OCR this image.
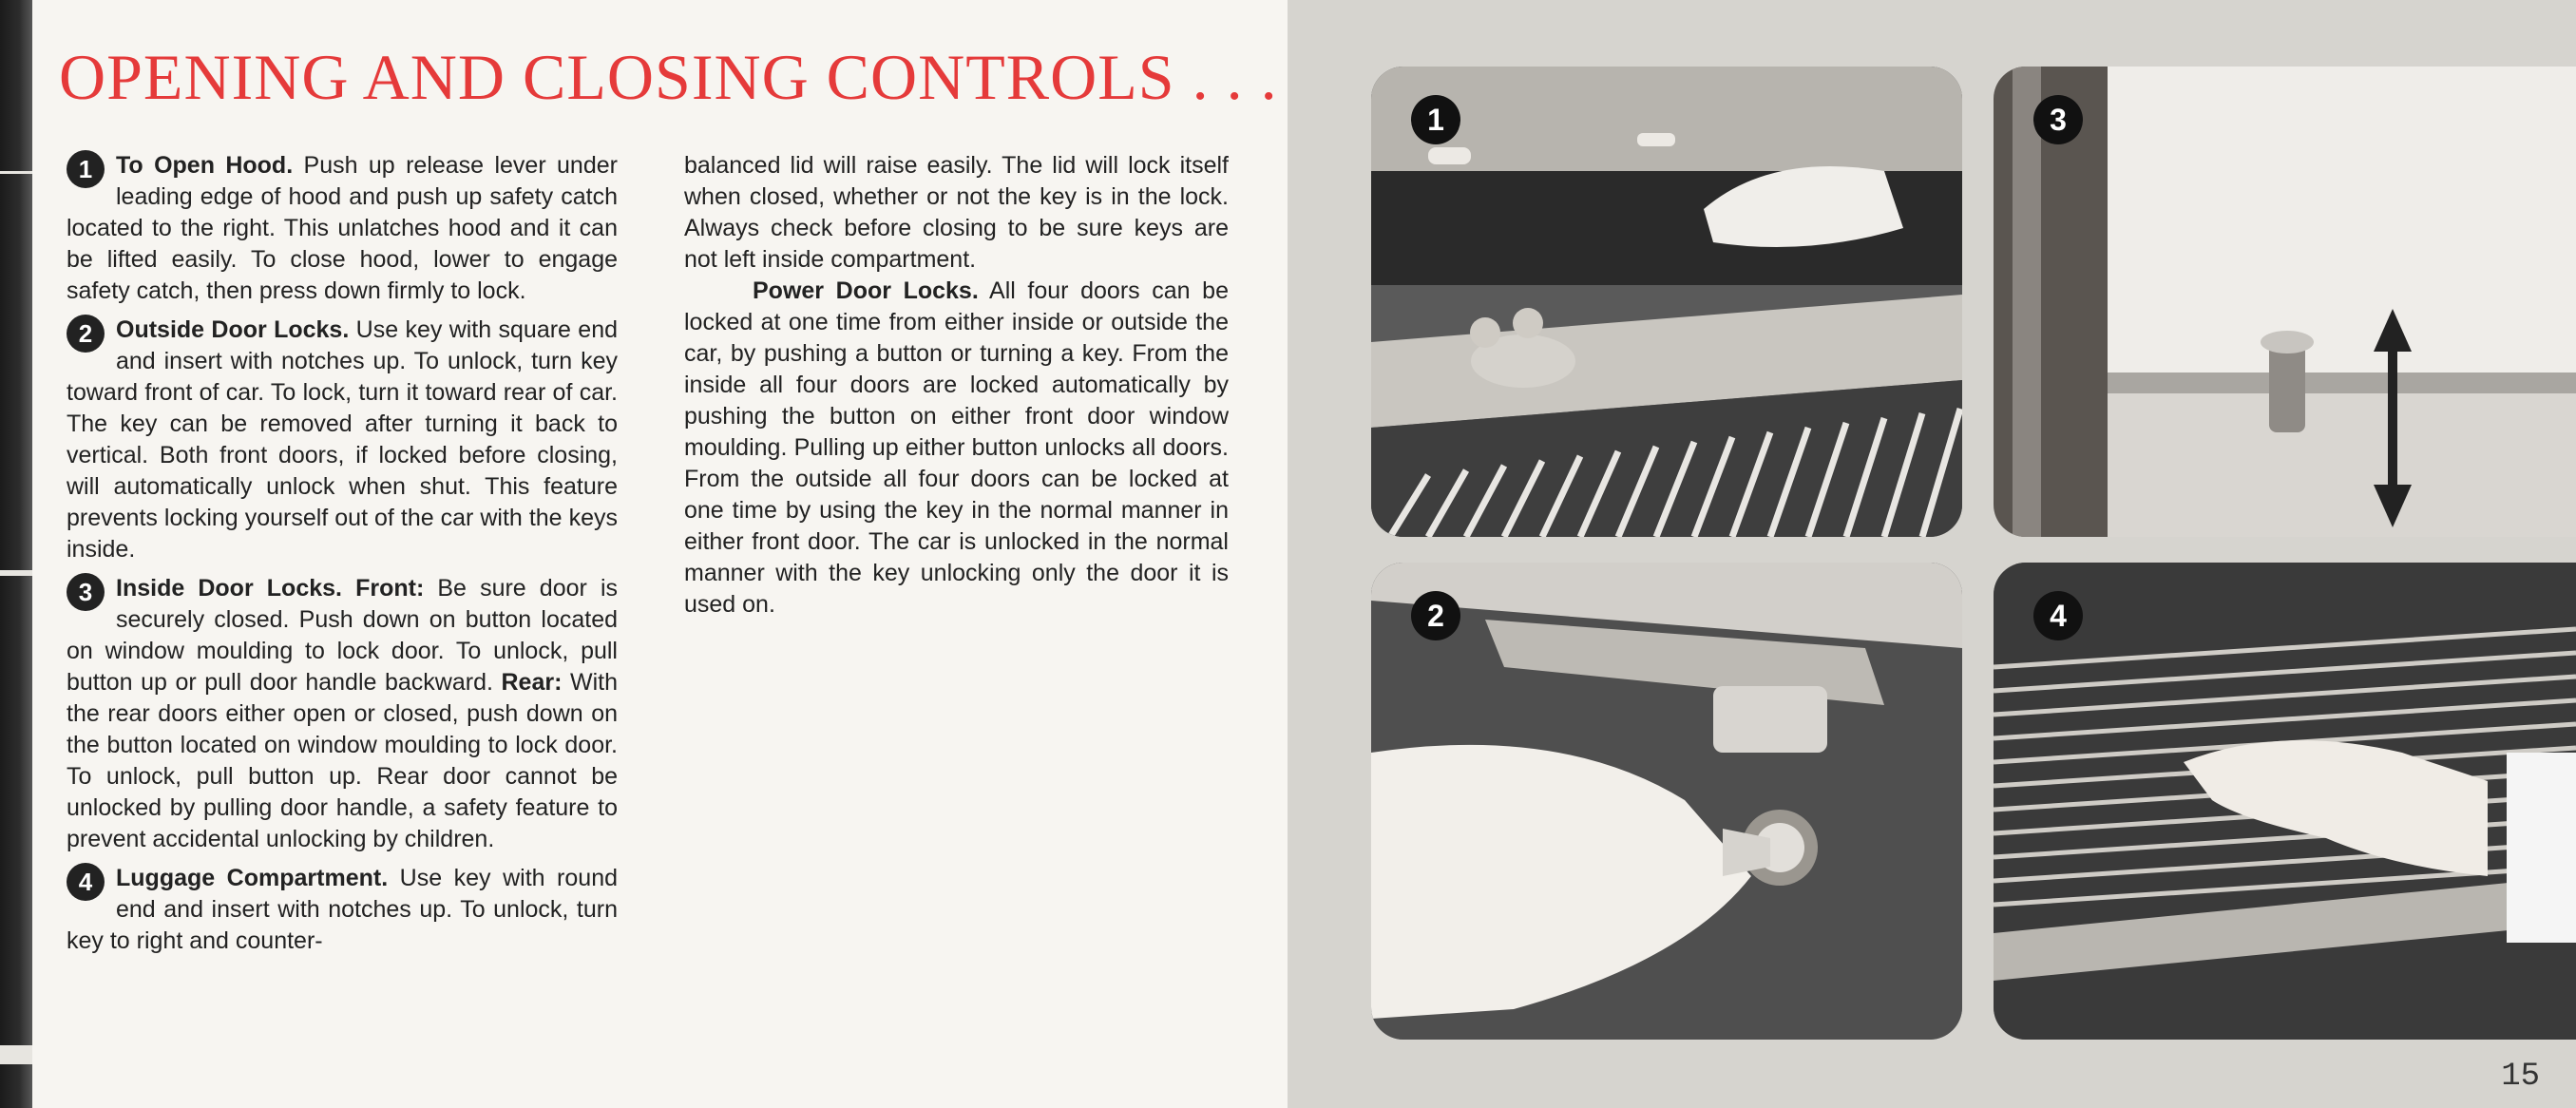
OPENING AND CLOSING CONTROLS . . .

1 To Open Hood. Push up release lever under leading edge of hood and push up safety catch located to the right. This unlatches hood and it can be lifted easily. To close hood, lower to engage safety catch, then press down firmly to lock.

2 Outside Door Locks. Use key with square end and insert with notches up. To unlock, turn key toward front of car. To lock, turn it toward rear of car. The key can be removed after turning it back to vertical. Both front doors, if locked before closing, will automatically unlock when shut. This feature prevents locking yourself out of the car with the keys inside.

3 Inside Door Locks. Front: Be sure door is securely closed. Push down on button located on window moulding to lock door. To unlock, pull button up or pull door handle backward. Rear: With the rear doors either open or closed, push down on the button located on window moulding to lock door. To unlock, pull button up. Rear door cannot be unlocked by pulling door handle, a safety feature to prevent accidental unlocking by children.

4 Luggage Compartment. Use key with round end and insert with notches up. To unlock, turn key to right and counter-

balanced lid will raise easily. The lid will lock itself when closed, whether or not the key is in the lock. Always check before closing to be sure keys are not left inside compartment.

Power Door Locks. All four doors can be locked at one time from either inside or outside the car, by pushing a button or turning a key. From the inside all four doors are locked automatically by pushing the button on either front door window moulding. Pulling up either button unlocks all doors. From the outside all four doors can be locked at one time by using the key in the normal manner in either front door. The car is unlocked in the normal manner with the key unlocking only the door it is used on.

1	3
2	4
15
